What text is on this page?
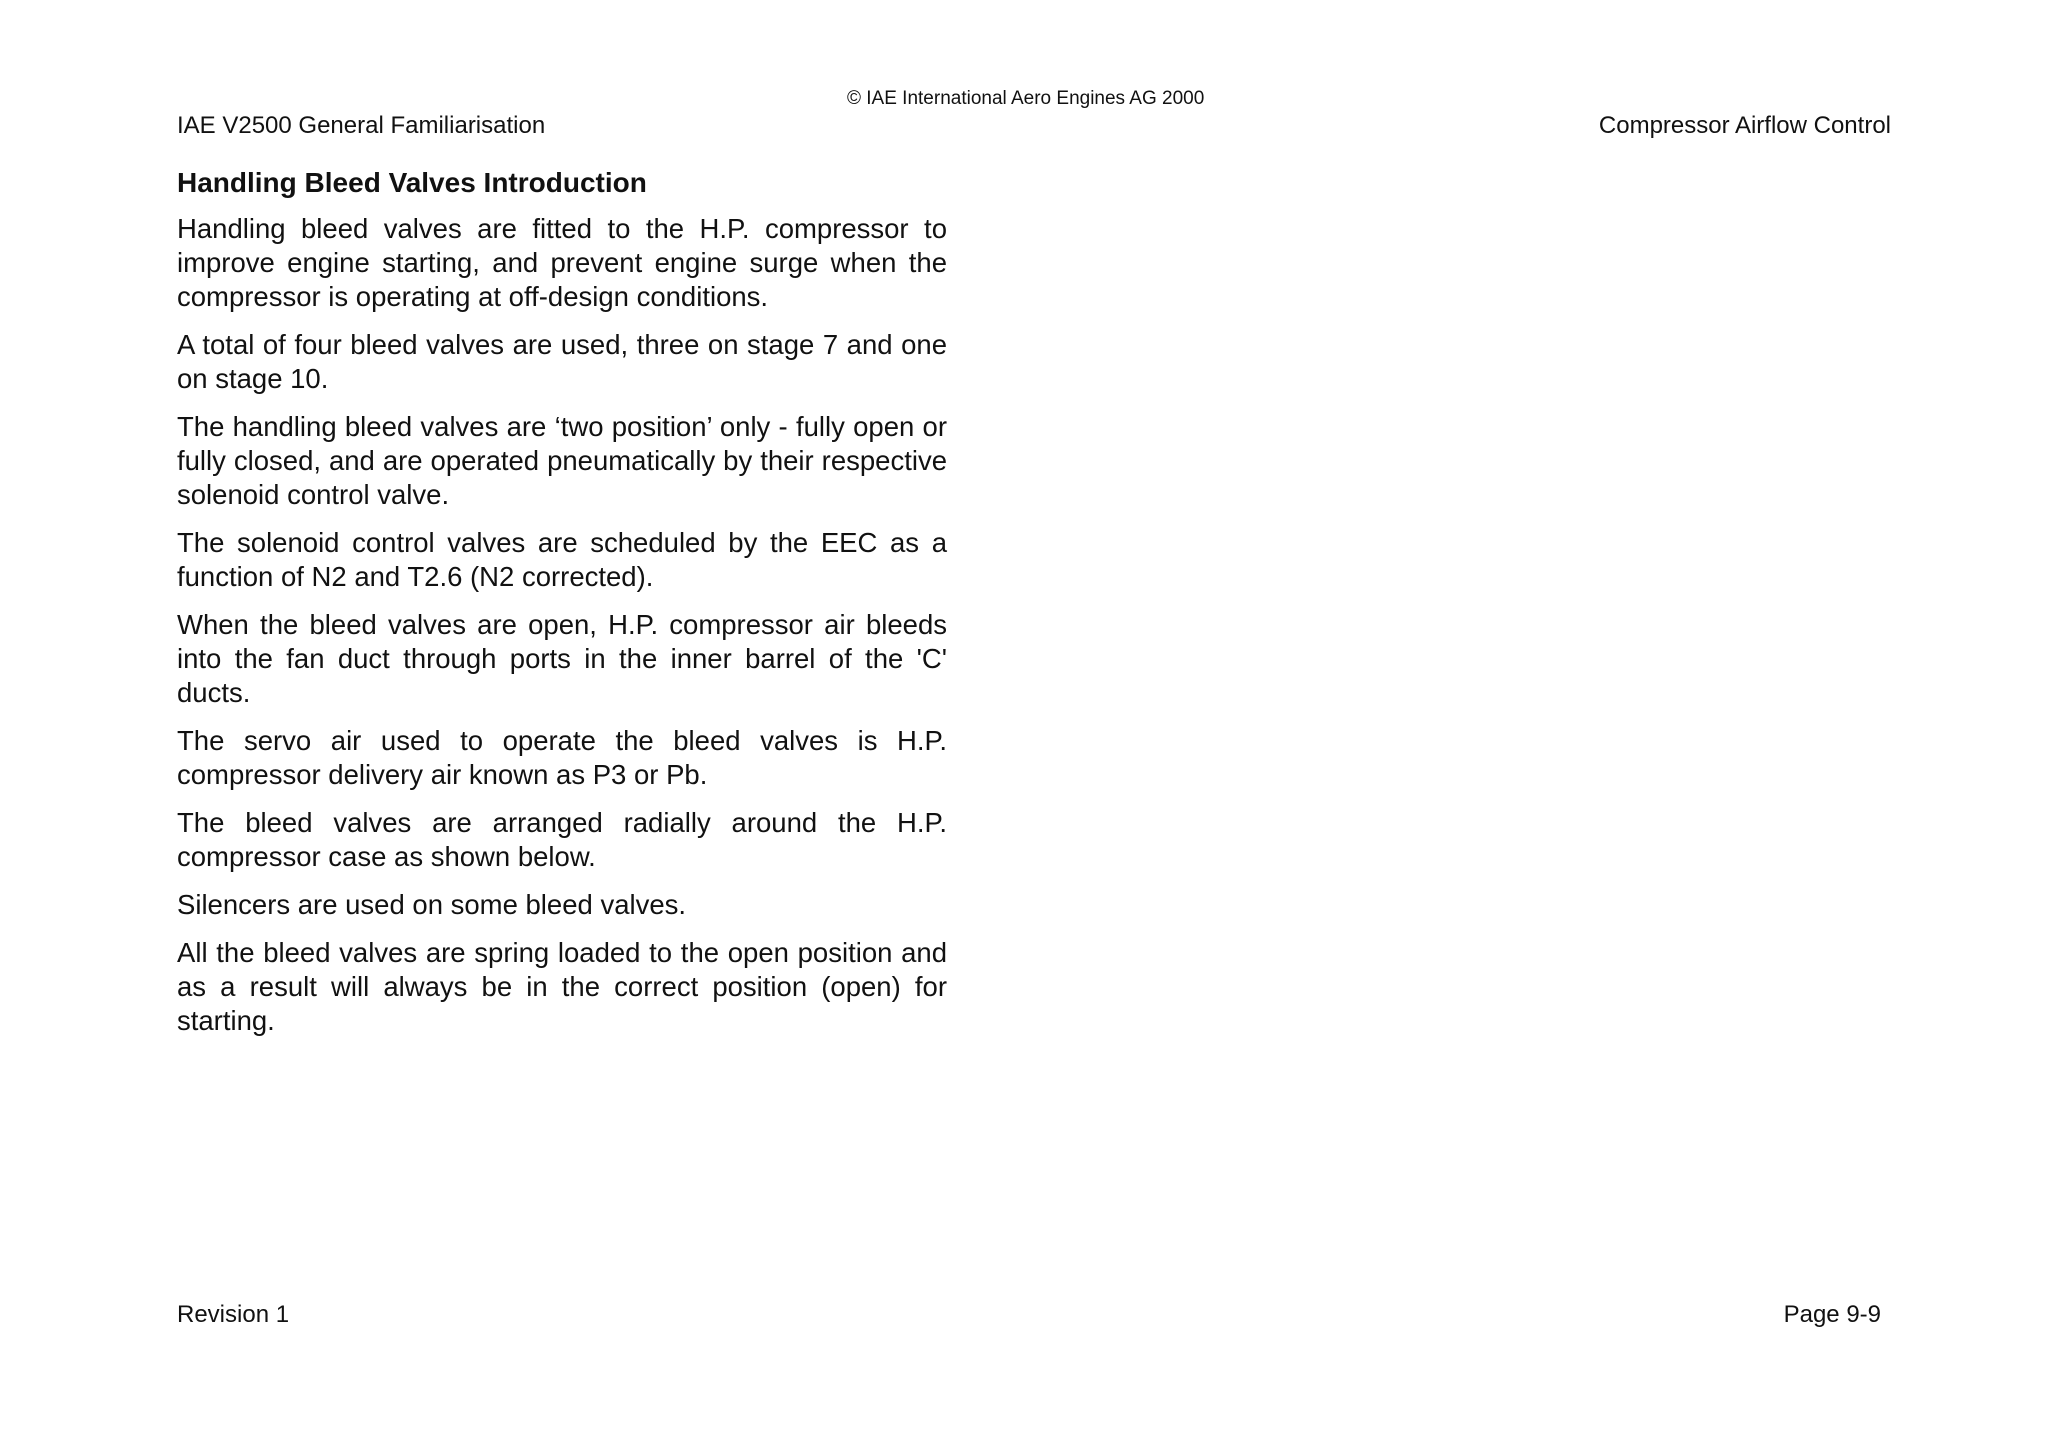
© IAE International Aero Engines AG 2000
IAE V2500 General Familiarisation	Compressor Airflow Control
Handling Bleed Valves Introduction

Handling bleed valves are fitted to the H.P. compressor to improve engine starting, and prevent engine surge when the compressor is operating at off-design conditions.

A total of four bleed valves are used, three on stage 7 and one on stage 10.

The handling bleed valves are ‘two position’ only - fully open or fully closed, and are operated pneumatically by their respective solenoid control valve.

The solenoid control valves are scheduled by the EEC as a function of N2 and T2.6 (N2 corrected).

When the bleed valves are open, H.P. compressor air bleeds into the fan duct through ports in the inner barrel of the 'C' ducts.

The servo air used to operate the bleed valves is H.P. compressor delivery air known as P3 or Pb.

The bleed valves are arranged radially around the H.P. compressor case as shown below.

Silencers are used on some bleed valves.

All the bleed valves are spring loaded to the open position and as a result will always be in the correct position (open) for starting.

Revision 1	Page 9-9
